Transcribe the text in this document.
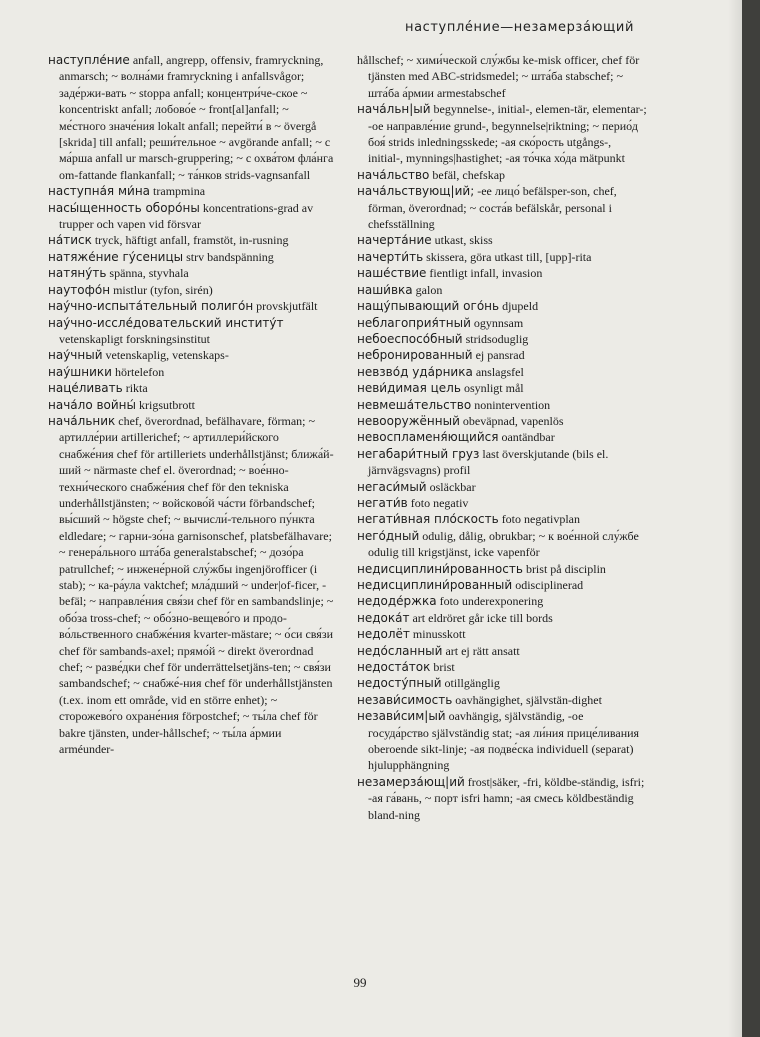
наступле́ние—незамерза́ющий

наступле́ние anfall, angrepp, offensiv, framryckning, anmarsch; ~ волна́ми framryckning i anfallsvågor; заде́ржи-вать ~ stoppa anfall; концентри́че-ское ~ koncentriskt anfall; лобово́е ~ front[al]anfall; ~ ме́стного значе́ния lokalt anfall; перейти́ в ~ övergå [skrida] till anfall; реши́тельное ~ avgörande anfall; ~ с ма́рша anfall ur marsch-gruppering; ~ с охва́том фла́нга om-fattande flankanfall; ~ та́нков strids-vagnsanfall

наступна́я ми́на trampmina

насы́щенность оборо́ны koncentrations-grad av trupper och vapen vid försvar

на́тиск tryck, häftigt anfall, framstöt, in-rusning

натяже́ние гу́сеницы strv bandspänning

натяну́ть spänna, styvhala

наутофо́н mistlur (tyfon, sirén)

нау́чно-испыта́тельный полиго́н provskjutfält

нау́чно-иссле́довательский институ́т vetenskapligt forskningsinstitut

нау́чный vetenskaplig, vetenskaps-

нау́шники hörtelefon

наце́ливать rikta

нача́ло войны́ krigsutbrott

нача́льник chef, överordnad, befälhavare, förman; ~ артилле́рии artillerichef; ~ артиллери́йского снабже́ния chef för artilleriets underhållstjänst; ближа́й-ший ~ närmaste chef el. överordnad; ~ вое́нно-техни́ческого снабже́ния chef för den tekniska underhållstjänsten; ~ войсково́й ча́сти förbandschef; вы́сший ~ högste chef; ~ вычисли́-тельного пу́нкта eldledare; ~ гарни-зо́на garnisonschef, platsbefälhavare; ~ генера́льного шта́ба generalstabschef; ~ дозо́ра patrullchef; ~ инжене́рной слу́жбы ingenjörofficer (i stab); ~ ка-ра́ула vaktchef; мла́дший ~ under|of-ficer, -befäl; ~ направле́ния свя́зи chef för en sambandslinje; ~ обо́за tross-chef; ~ обо́зно-вещево́го и продо-во́льственного снабже́ния kvarter-mästare; ~ о́си свя́зи chef för sambands-axel; прямо́й ~ direkt överordnad chef; ~ разве́дки chef för underrättelsetjäns-ten; ~ свя́зи sambandschef; ~ снабже́-ния chef för underhållstjänsten (t.ex. inom ett område, vid en större enhet); ~ сторожево́го охране́ния förpostchef; ~ ты́ла chef för bakre tjänsten, under-hållschef; ~ ты́ла а́рмии arméunder-

hållschef; ~ хими́ческой слу́жбы ke-misk officer, chef för tjänsten med ABC-stridsmedel; ~ шта́ба stabschef; ~ шта́ба а́рмии armestabschef

нача́льн|ый begynnelse-, initial-, elemen-tär, elementar-; -ое направле́ние grund-, begynnelse|riktning; ~ перио́д боя́ strids inledningsskede; -ая ско́рость utgångs-, initial-, mynnings|hastighet; -ая то́чка хо́да mätpunkt

нача́льство befäl, chefskap

нача́льствующ|ий; -ее лицо́ befälsper-son, chef, förman, överordnad; ~ соста́в befälskår, personal i chefsställning

начерта́ние utkast, skiss

начерти́ть skissera, göra utkast till, [upp]-rita

наше́ствие fientligt infall, invasion

наши́вка galon

нащу́пывающий ого́нь djupeld

неблагоприя́тный ogynnsam

небоеспосо́бный stridsoduglig

небронированный ej pansrad

невзво́д уда́рника anslagsfel

неви́димая цель osynligt mål

невмеша́тельство nonintervention

невооружённый obeväpnad, vapenlös

невоспламеня́ющийся oantändbar

негабари́тный груз last överskjutande (bils el. järnvägsvagns) profil

негаси́мый osläckbar

негати́в foto negativ

негати́вная пло́скость foto negativplan

него́дный odulig, dålig, obrukbar; ~ к вое́нной слу́жбе odulig till krigstjänst, icke vapenför

недисциплини́рованность brist på disciplin

недисциплини́рованный odisciplinerad

недоде́ржка foto underexponering

недока́т art eldröret går icke till bords

недолёт minusskott

недо́сланный art ej rätt ansatt

недоста́ток brist

недосту́пный otillgänglig

незави́симость oavhängighet, självstän-dighet

незави́сим|ый oavhängig, självständig, -ое госуда́рство självständig stat; -ая ли́ния прице́ливания oberoende sikt-linje; -ая подве́ска individuell (separat) hjulupphängning

незамерза́ющ|ий frost|säker, -fri, köldbe-ständig, isfri; -ая га́вань, ~ порт isfri hamn; -ая смесь köldbeständig bland-ning

99
